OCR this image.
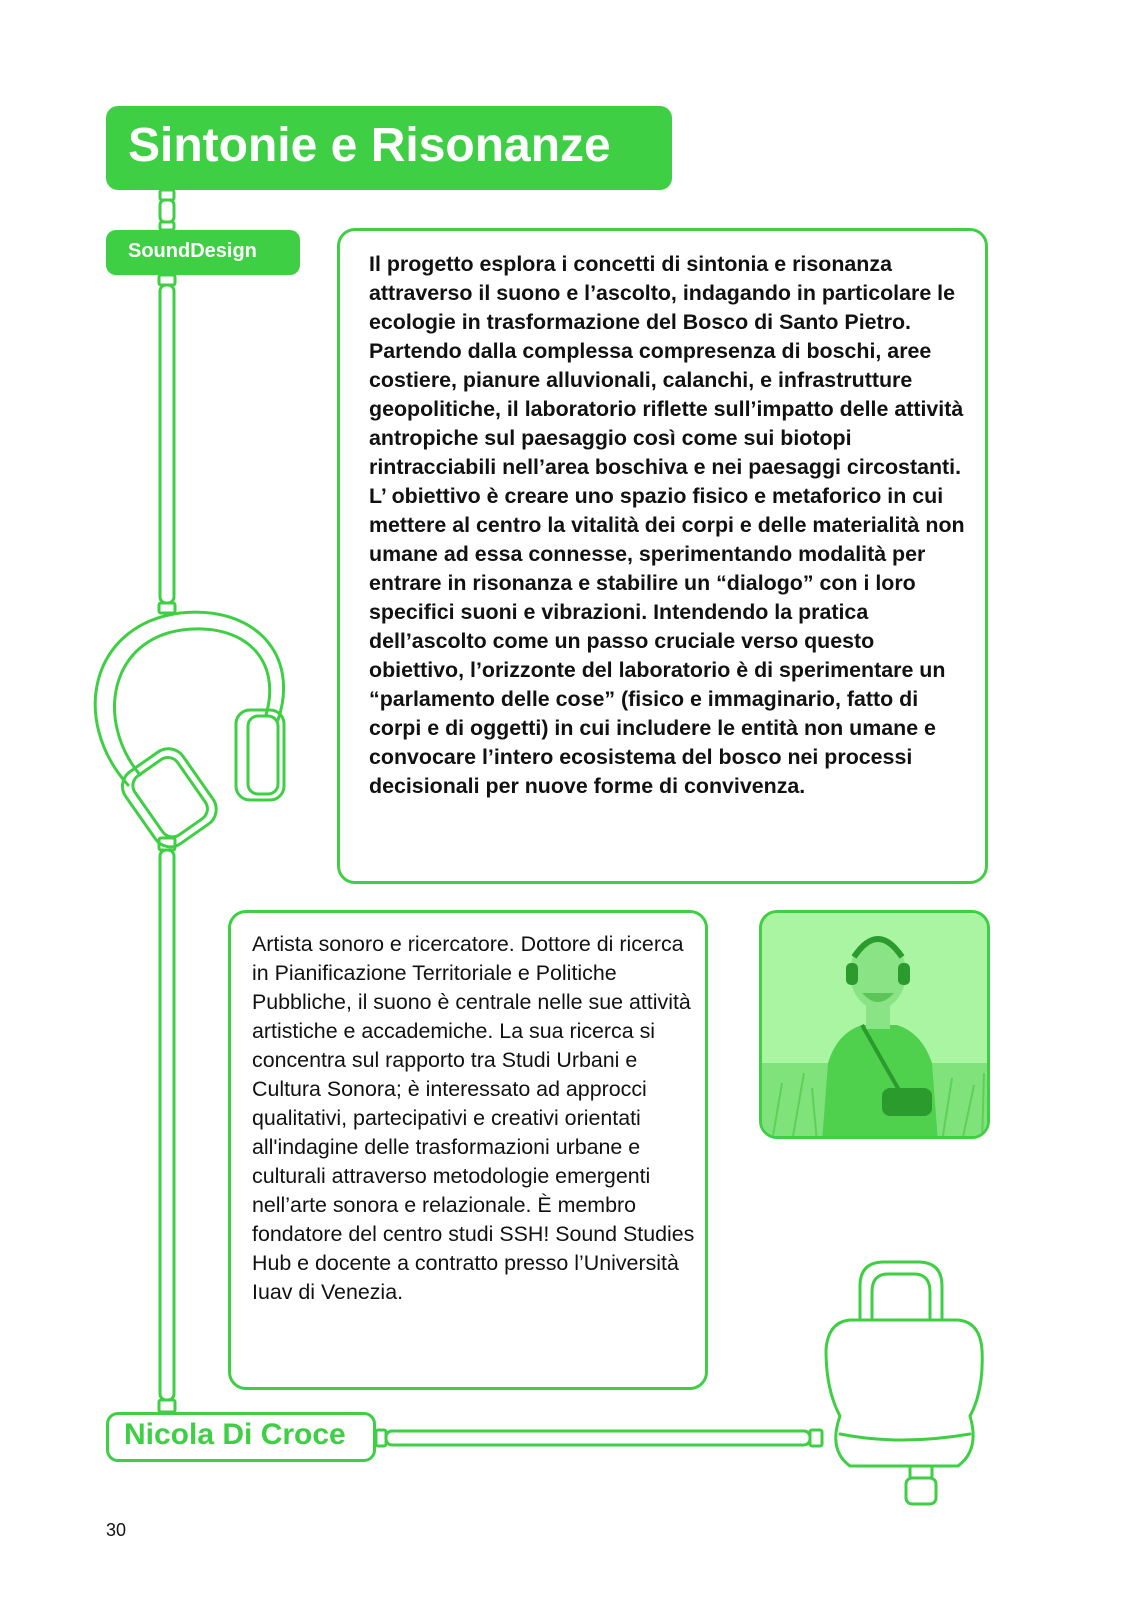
Sintonie e Risonanze
SoundDesign
Il progetto esplora i concetti di sintonia e risonanza attraverso il suono e l’ascolto, indagando in particolare le ecologie in trasformazione del Bosco di Santo Pietro. Partendo dalla complessa compresenza di boschi, aree costiere, pianure alluvionali, calanchi, e infrastrutture geopolitiche, il laboratorio riflette sull’impatto delle attività antropiche sul paesaggio così come sui biotopi rintracciabili nell’area boschiva e nei paesaggi circostanti. L’ obiettivo è creare uno spazio fisico e metaforico in cui mettere al centro la vitalità dei corpi e delle materialità non umane ad essa connesse, sperimentando modalità per entrare in risonanza e stabilire un “dialogo” con i loro specifici suoni e vibrazioni. Intendendo la pratica dell’ascolto come un passo cruciale verso questo obiettivo, l’orizzonte del laboratorio è di sperimentare un “parlamento delle cose” (fisico e immaginario, fatto di corpi e di oggetti) in cui includere le entità non umane e convocare l’intero ecosistema del bosco nei processi decisionali per nuove forme di convivenza.
Artista sonoro e ricercatore. Dottore di ricerca in Pianificazione Territoriale e Politiche Pubbliche, il suono è centrale nelle sue attività artistiche e accademiche. La sua ricerca si concentra sul rapporto tra Studi Urbani e Cultura Sonora; è interessato ad approcci qualitativi, partecipativi e creativi orientati all'indagine delle trasformazioni urbane e culturali attraverso metodologie emergenti nell’arte sonora e relazionale. È membro fondatore del centro studi SSH! Sound Studies Hub e docente a contratto presso l’Università Iuav di Venezia.
Nicola Di Croce
30
